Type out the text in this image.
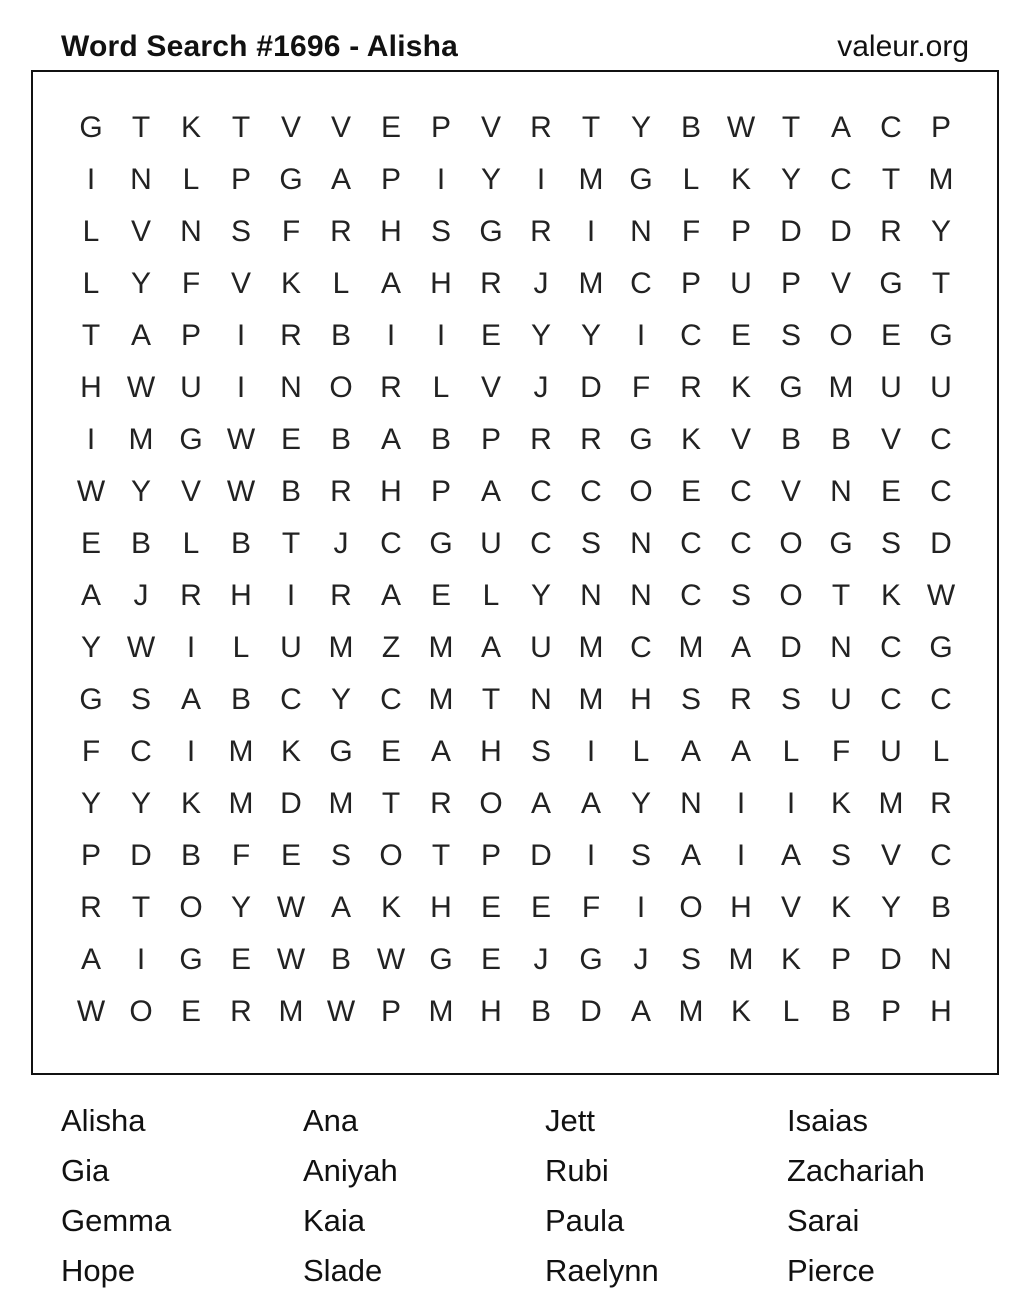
Word Search #1696 - Alisha	valeur.org
G T	K	T	V V E P V R	T	Y B W T	A C P
I	N	L	P G A P	I	Y	I	M G L	K Y C	T M
L	V N S	F	R H S G R	I	N	F	P D D R Y
L	Y	F	V K	L	A H R	J	M C P U P V G T
T	A P	I	R B	I	I	E Y Y	I	C E S O E G
H W U	I	N O R	L	V	J	D	F	R K G M U U
I	M G W E B A B P R R G K V B B V C
W Y V W B R H P A C C O E C V N E C
E B	L	B	T	J	C G U C S N C C O G S D
A	J	R H	I	R A E	L	Y N N C S O T	K W
Y W	I	L	U M Z M A U M C M A D N C G
G S A B C Y C M T	N M H S R S U C C
F	C	I	M K G E A H S	I	L	A A	L	F	U	L
Y Y K M D M T	R O A A Y N	I	I	K M R
P D B	F	E S O T	P D	I	S A	I	A S V C
R	T O Y W A K H E E	F	I	O H V K Y B
A	I	G E W B W G E	J	G	J	S M K P D N
W O E R M W P M H B D A M K	L	B P H
Alisha	Ana	Jett	Isaias
Gia	Aniyah	Rubi	Zachariah
Gemma	Kaia	Paula	Sarai
Hope	Slade	Raelynn	Pierce
